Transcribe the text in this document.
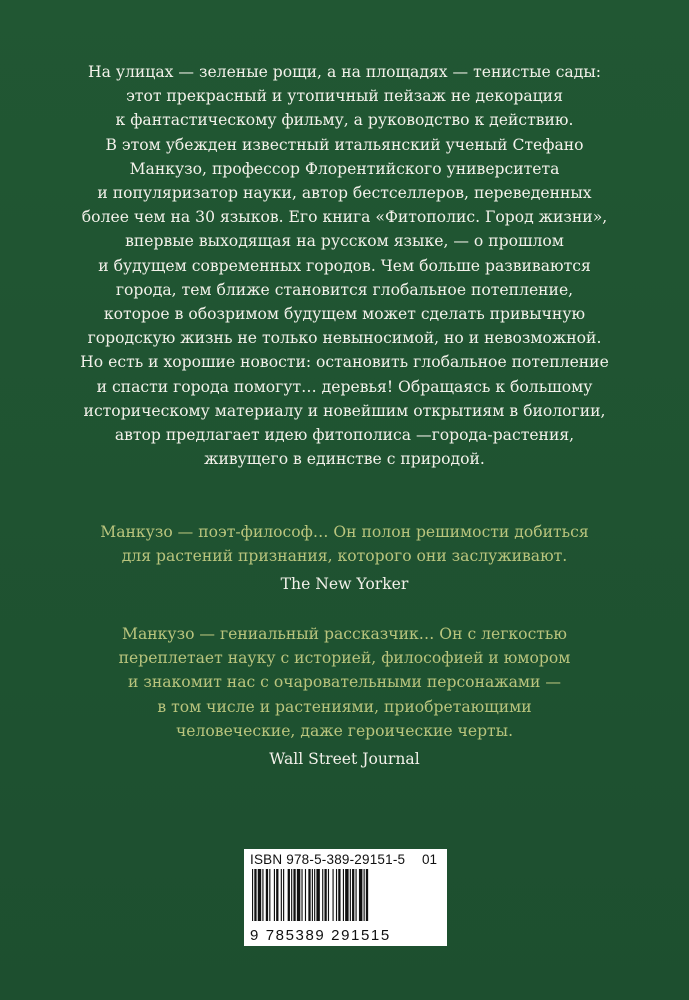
На улицах — зеленые рощи, а на площадях — тенистые сады:
этот прекрасный и утопичный пейзаж не декорация
к фантастическому фильму, а руководство к действию.
В этом убежден известный итальянский ученый Стефано
Манкузо, профессор Флорентийского университета
и популяризатор науки, автор бестселлеров, переведенных
более чем на 30 языков. Его книга «Фитополис. Город жизни»,
впервые выходящая на русском языке, — о прошлом
и будущем современных городов. Чем больше развиваются
города, тем ближе становится глобальное потепление,
которое в обозримом будущем может сделать привычную
городскую жизнь не только невыносимой, но и невозможной.
Но есть и хорошие новости: остановить глобальное потепление
и спасти города помогут… деревья! Обращаясь к большому
историческому материалу и новейшим открытиям в биологии,
автор предлагает идею фитополиса —города-растения,
живущего в единстве с природой.
Манкузо — поэт-философ… Он полон решимости добиться
для растений признания, которого они заслуживают.
The New Yorker
Манкузо — гениальный рассказчик… Он с легкостью
переплетает науку с историей, философией и юмором
и знакомит нас с очаровательными персонажами —
в том числе и растениями, приобретающими
человеческие, даже героические черты.
Wall Street Journal
ISBN 978-5-389-29151-5 01
9 785389 291515
